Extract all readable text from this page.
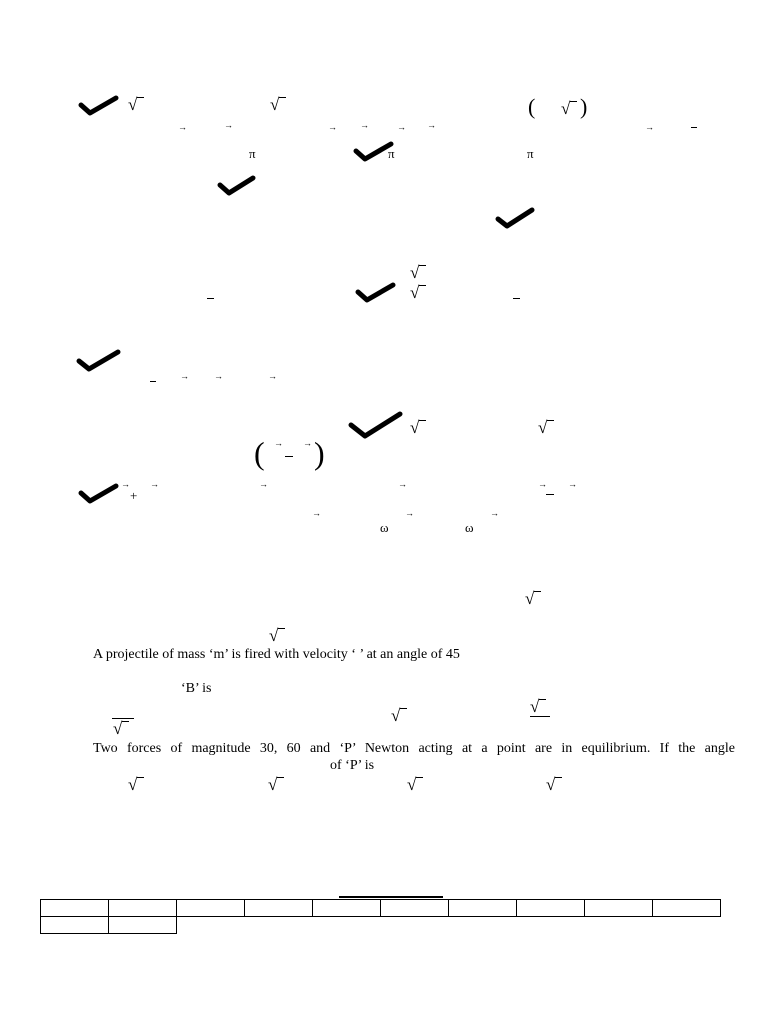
√	√	√
√
√
√	√
√
√
√
√
√
√	√	√	√
( )
( )
→	→	→	→	→ →	→
→	→	→
→ →
→ →	→	→	→ →
→	→	→
π	π	π
ω	ω
+
A projectile of mass ‘m’ is fired with velocity ‘ ’ at an angle of 45
‘B’ is
Two forces of magnitude 30, 60 and ‘P’ Newton acting at a point are in equilibrium. If the angle
of ‘P’ is
